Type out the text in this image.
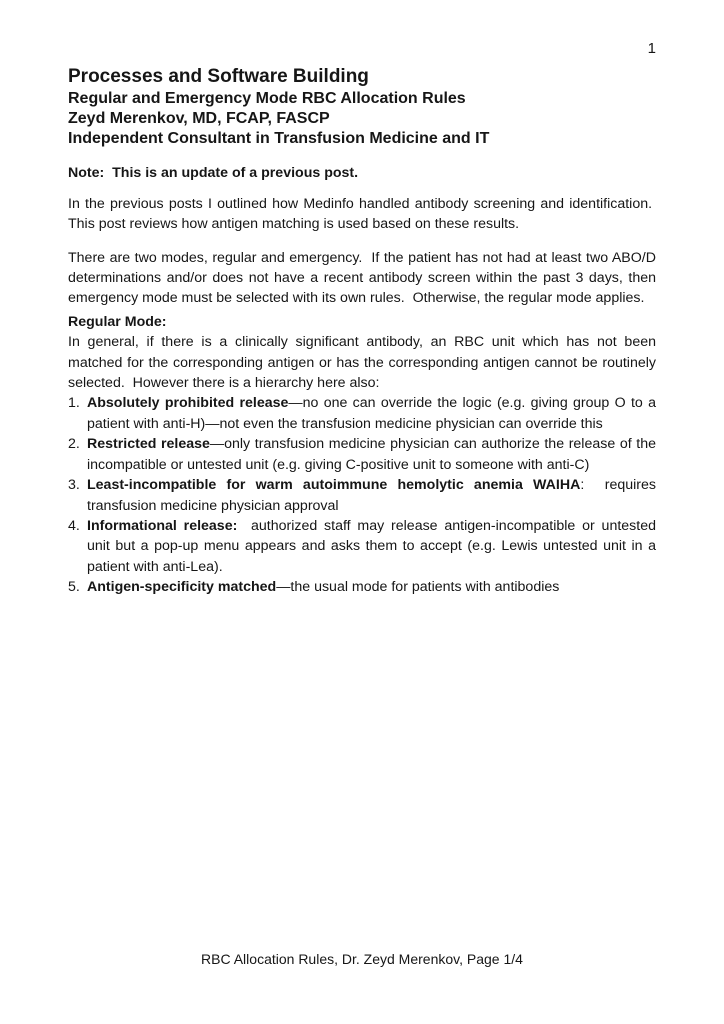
1
Processes and Software Building
Regular and Emergency Mode RBC Allocation Rules
Zeyd Merenkov, MD, FCAP, FASCP
Independent Consultant in Transfusion Medicine and IT
Note:  This is an update of a previous post.

In the previous posts I outlined how Medinfo handled antibody screening and identification.  This post reviews how antigen matching is used based on these results.

There are two modes, regular and emergency.  If the patient has not had at least two ABO/D determinations and/or does not have a recent antibody screen within the past 3 days, then emergency mode must be selected with its own rules.  Otherwise, the regular mode applies.

Regular Mode:
In general, if there is a clinically significant antibody, an RBC unit which has not been matched for the corresponding antigen or has the corresponding antigen cannot be routinely selected.  However there is a hierarchy here also:
1. Absolutely prohibited release—no one can override the logic (e.g. giving group O to a patient with anti-H)—not even the transfusion medicine physician can override this
2. Restricted release—only transfusion medicine physician can authorize the release of the incompatible or untested unit (e.g. giving C-positive unit to someone with anti-C)
3. Least-incompatible for warm autoimmune hemolytic anemia WAIHA:  requires transfusion medicine physician approval
4. Informational release:  authorized staff may release antigen-incompatible or untested unit but a pop-up menu appears and asks them to accept (e.g. Lewis untested unit in a patient with anti-Lea).
5. Antigen-specificity matched—the usual mode for patients with antibodies
RBC Allocation Rules, Dr. Zeyd Merenkov, Page 1/4
